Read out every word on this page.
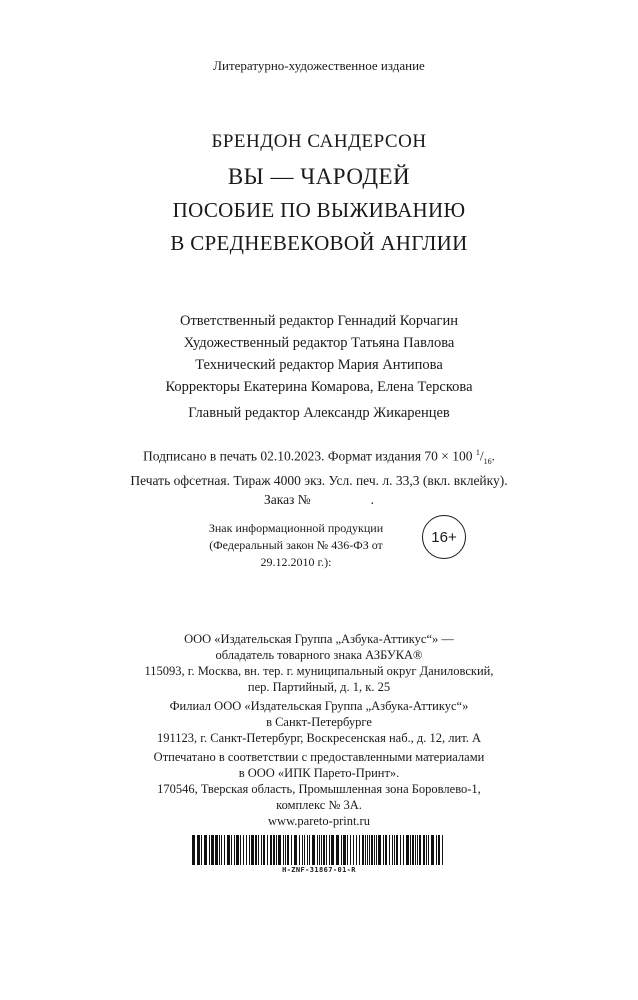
Литературно-художественное издание
БРЕНДОН САНДЕРСОН
ВЫ — ЧАРОДЕЙ
ПОСОБИЕ ПО ВЫЖИВАНИЮ
В СРЕДНЕВЕКОВОЙ АНГЛИИ
Ответственный редактор Геннадий Корчагин
Художественный редактор Татьяна Павлова
Технический редактор Мария Антипова
Корректоры Екатерина Комарова, Елена Терскова
Главный редактор Александр Жикаренцев
Подписано в печать 02.10.2023. Формат издания 70 × 100 $^1/_{16}$.
Печать офсетная. Тираж 4000 экз. Усл. печ. л. 33,3 (вкл. вклейку).
Заказ №	.
Знак информационной продукции
(Федеральный закон № 436-ФЗ от 29.12.2010 г.):
16+
ООО «Издательская Группа „Азбука-Аттикус“» —
обладатель товарного знака АЗБУКА®
115093, г. Москва, вн. тер. г. муниципальный округ Даниловский,
пер. Партийный, д. 1, к. 25
Филиал ООО «Издательская Группа „Азбука-Аттикус“»
в Санкт-Петербурге
191123, г. Санкт-Петербург, Воскресенская наб., д. 12, лит. А
Отпечатано в соответствии с предоставленными материалами
в ООО «ИПК Парето-Принт».
170546, Тверская область, Промышленная зона Боровлево-1,
комплекс № 3А.
www.pareto-print.ru
H-ZNF-31867-01-R
